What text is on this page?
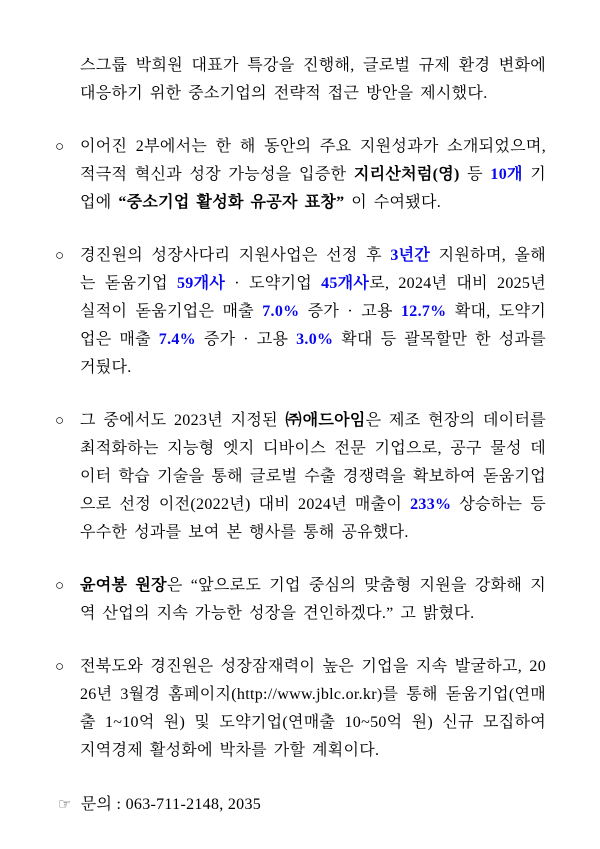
스그룹 박희원 대표가 특강을 진행해, 글로벌 규제 환경 변화에 대응하기 위한 중소기업의 전략적 접근 방안을 제시했다.
○ 이어진 2부에서는 한 해 동안의 주요 지원성과가 소개되었으며, 적극적 혁신과 성장 가능성을 입증한 지리산처럼(영) 등 10개 기업에 “중소기업 활성화 유공자 표창” 이 수여됐다.
○ 경진원의 성장사다리 지원사업은 선정 후 3년간 지원하며, 올해는 돋움기업 59개사 · 도약기업 45개사로, 2024년 대비 2025년 실적이 돋움기업은 매출 7.0% 증가 · 고용 12.7% 확대, 도약기업은 매출 7.4% 증가 · 고용 3.0% 확대 등 괄목할만 한 성과를 거뒀다.
○ 그 중에서도 2023년 지정된 ㈜애드아임은 제조 현장의 데이터를 최적화하는 지능형 엣지 디바이스 전문 기업으로, 공구 물성 데이터 학습 기술을 통해 글로벌 수출 경쟁력을 확보하여 돋움기업으로 선정 이전(2022년) 대비 2024년 매출이 233% 상승하는 등 우수한 성과를 보여 본 행사를 통해 공유했다.
○ 윤여봉 원장은 “앞으로도 기업 중심의 맞춤형 지원을 강화해 지역 산업의 지속 가능한 성장을 견인하겠다.” 고 밝혔다.
○ 전북도와 경진원은 성장잠재력이 높은 기업을 지속 발굴하고, 2026년 3월경 홈페이지(http://www.jblc.or.kr)를 통해 돋움기업(연매출 1~10억 원) 및 도약기업(연매출 10~50억 원) 신규 모집하여 지역경제 활성화에 박차를 가할 계획이다.
☞ 문의 : 063-711-2148, 2035
